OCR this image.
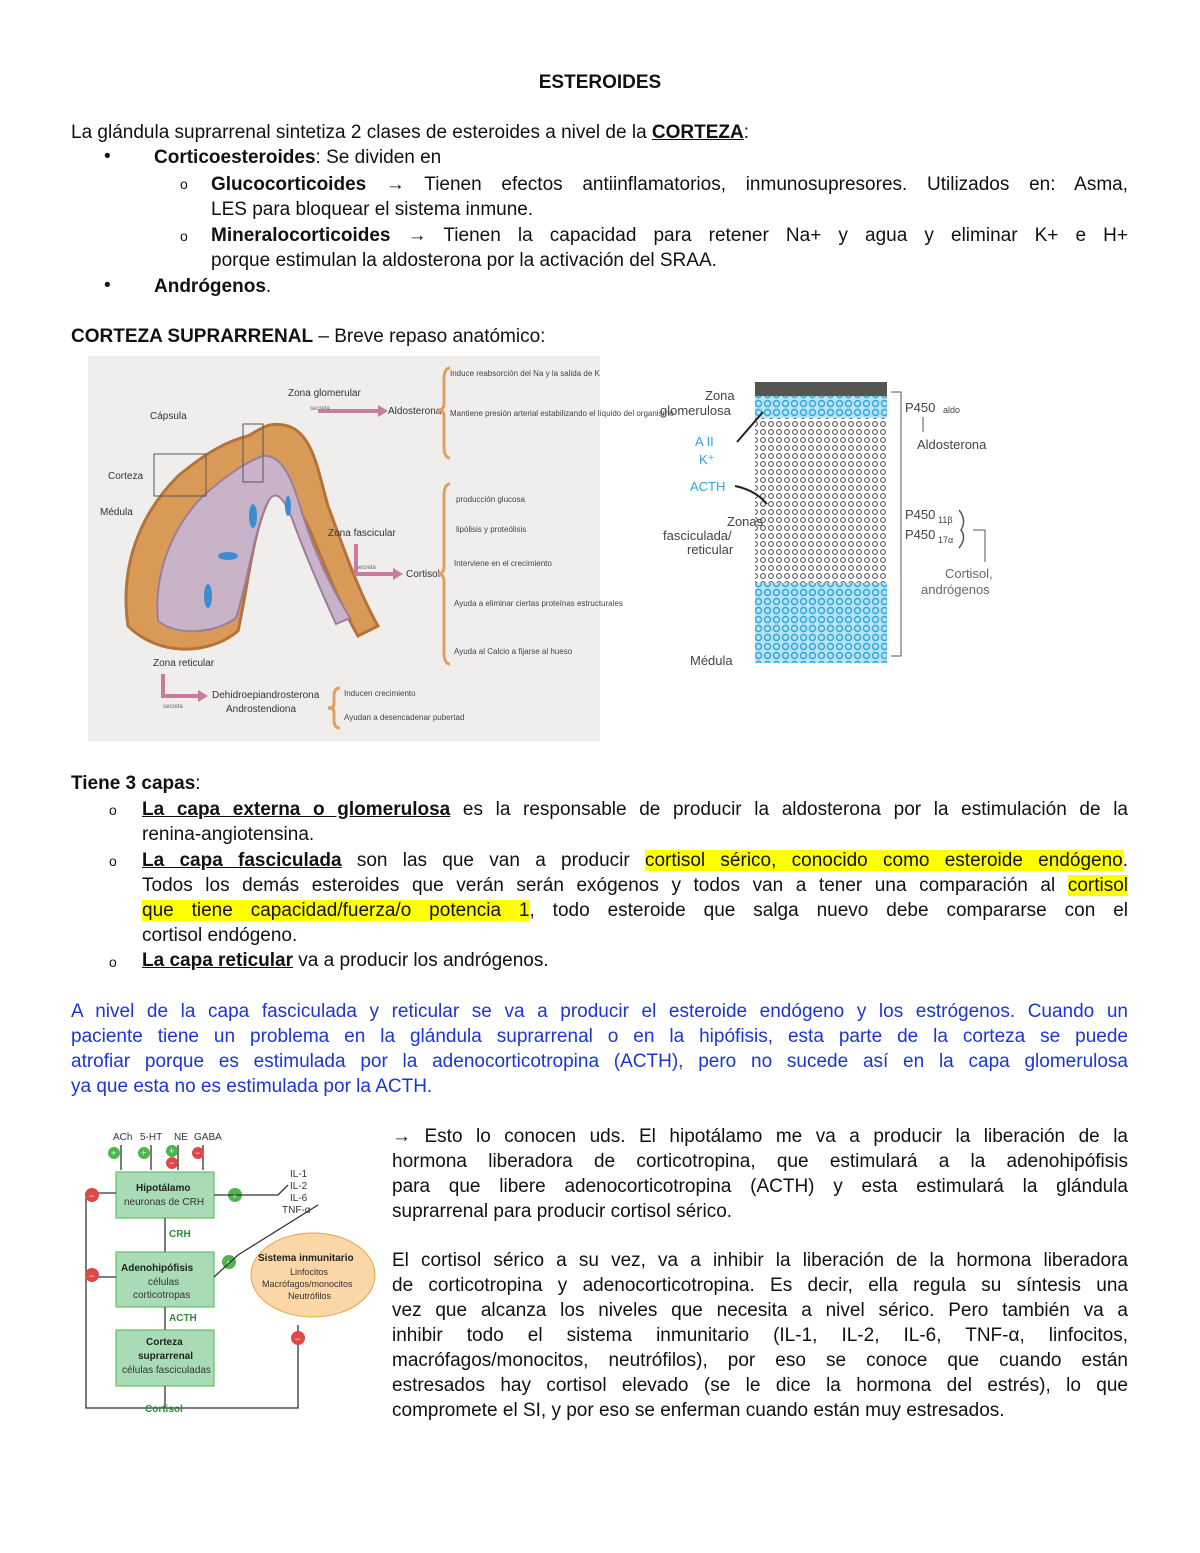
ESTEROIDES
La glándula suprarrenal sintetiza 2 clases de esteroides a nivel de la CORTEZA:
• Corticoesteroides: Se dividen en
o Glucocorticoides → Tienen efectos antiinflamatorios, inmunosupresores. Utilizados en: Asma,
LES para bloquear el sistema inmune.
o Mineralocorticoides → Tienen la capacidad para retener Na+ y agua y eliminar K+ e H+
porque estimulan la aldosterona por la activación del SRAA.
• Andrógenos.
CORTEZA SUPRARRENAL – Breve repaso anatómico:
Zona glomerular
secreta
Cápsula
Corteza
Médula
Zona fascicular
secreta
Zona reticular
secreta
Aldosterona
Cortisol
Dehidroepiandrosterona
Androstendiona
Induce reabsorción del Na y la salida de K
Mantiene presión arterial estabilizando el líquido del organismo
producción glucosa
lipólisis y proteólisis
Interviene en el crecimiento
Ayuda a eliminar ciertas proteínas estructurales
Ayuda al Calcio a fijarse al hueso
Inducen crecimiento
Ayudan a desencadenar pubertad
Zona
glomerulosa
A II
K⁺
ACTH
Zonas
fasciculada/
reticular
Médula
P450 aldo
Aldosterona
P450 11β
P450 17α
Cortisol,
andrógenos
Tiene 3 capas:
o La capa externa o glomerulosa es la responsable de producir la aldosterona por la estimulación de la
renina-angiotensina.
o La capa fasciculada son las que van a producir cortisol sérico, conocido como esteroide endógeno.
Todos los demás esteroides que verán serán exógenos y todos van a tener una comparación al cortisol
que tiene capacidad/fuerza/o potencia 1, todo esteroide que salga nuevo debe compararse con el
cortisol endógeno.
o La capa reticular va a producir los andrógenos.
A nivel de la capa fasciculada y reticular se va a producir el esteroide endógeno y los estrógenos. Cuando un
paciente tiene un problema en la glándula suprarrenal o en la hipófisis, esta parte de la corteza se puede
atrofiar porque es estimulada por la adenocorticotropina (ACTH), pero no sucede así en la capa glomerulosa
ya que esta no es estimulada por la ACTH.
ACh 5-HT NE GABA
+	+	+
−
−
Hipotálamo
neuronas de CRH
CRH
Adenohipófisis
células
corticotropas
ACTH
Corteza
suprarrenal
células fasciculadas
Cortisol
−
−
−
+
+
IL-1
IL-2
IL-6
TNF-α
Sistema inmunitario
Linfocitos
Macrófagos/monocitos
Neutrófilos
→ Esto lo conocen uds. El hipotálamo me va a producir la liberación de la
hormona liberadora de corticotropina, que estimulará a la adenohipófisis
para que libere adenocorticotropina (ACTH) y esta estimulará la glándula
suprarrenal para producir cortisol sérico.
El cortisol sérico a su vez, va a inhibir la liberación de la hormona liberadora
de corticotropina y adenocorticotropina. Es decir, ella regula su síntesis una
vez que alcanza los niveles que necesita a nivel sérico. Pero también va a
inhibir todo el sistema inmunitario (IL-1, IL-2, IL-6, TNF-α, linfocitos,
macrófagos/monocitos, neutrófilos), por eso se conoce que cuando están
estresados hay cortisol elevado (se le dice la hormona del estrés), lo que
compromete el SI, y por eso se enferman cuando están muy estresados.
